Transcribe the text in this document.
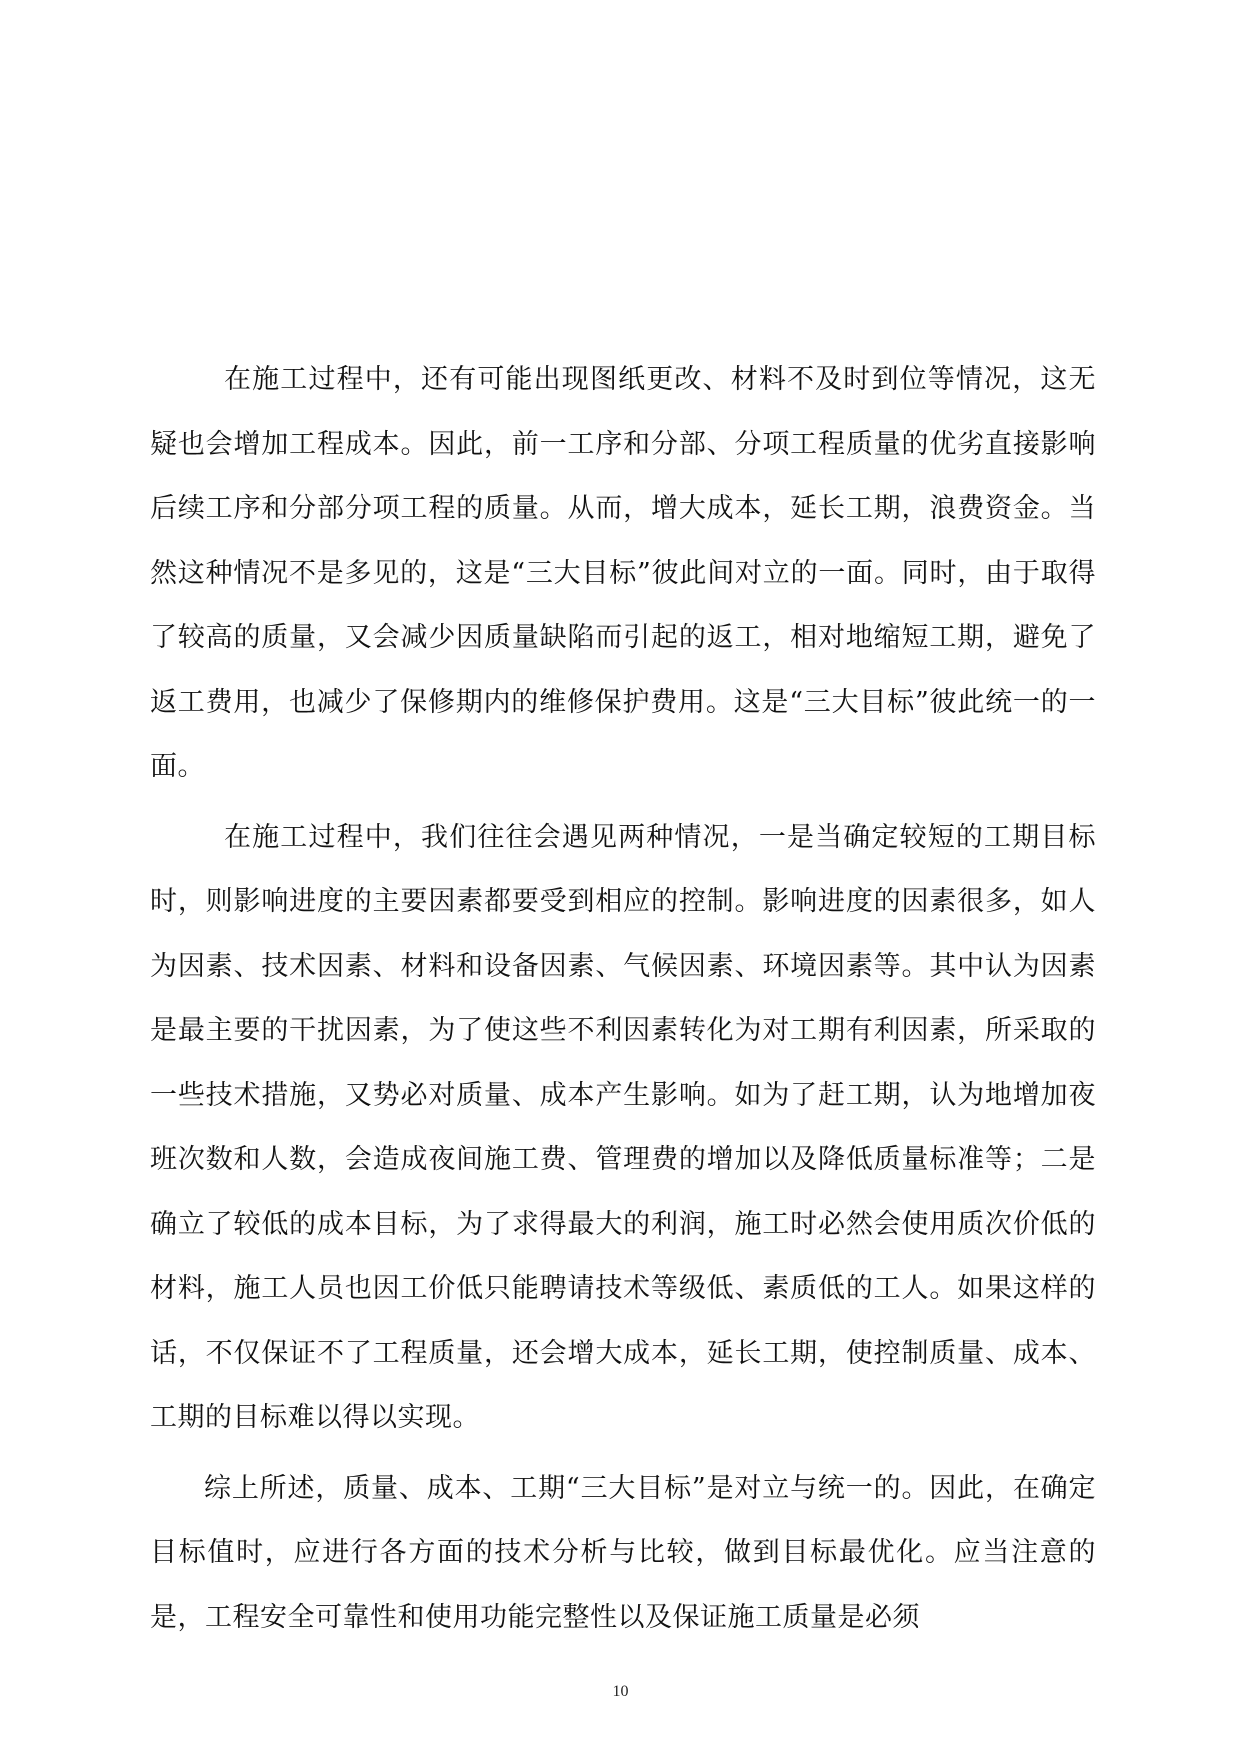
在施工过程中，还有可能出现图纸更改、材料不及时到位等情况，这无疑也会增加工程成本。因此，前一工序和分部、分项工程质量的优劣直接影响后续工序和分部分项工程的质量。从而，增大成本，延长工期，浪费资金。当然这种情况不是多见的，这是“三大目标”彼此间对立的一面。同时，由于取得了较高的质量，又会减少因质量缺陷而引起的返工，相对地缩短工期，避免了返工费用，也减少了保修期内的维修保护费用。这是“三大目标”彼此统一的一面。

在施工过程中，我们往往会遇见两种情况，一是当确定较短的工期目标时，则影响进度的主要因素都要受到相应的控制。影响进度的因素很多，如人为因素、技术因素、材料和设备因素、气候因素、环境因素等。其中认为因素是最主要的干扰因素，为了使这些不利因素转化为对工期有利因素，所采取的一些技术措施，又势必对质量、成本产生影响。如为了赶工期，认为地增加夜班次数和人数，会造成夜间施工费、管理费的增加以及降低质量标准等；二是确立了较低的成本目标，为了求得最大的利润，施工时必然会使用质次价低的材料，施工人员也因工价低只能聘请技术等级低、素质低的工人。如果这样的话，不仅保证不了工程质量，还会增大成本，延长工期，使控制质量、成本、工期的目标难以得以实现。

综上所述，质量、成本、工期“三大目标”是对立与统一的。因此，在确定目标值时，应进行各方面的技术分析与比较，做到目标最优化。应当注意的是，工程安全可靠性和使用功能完整性以及保证施工质量是必须

10
